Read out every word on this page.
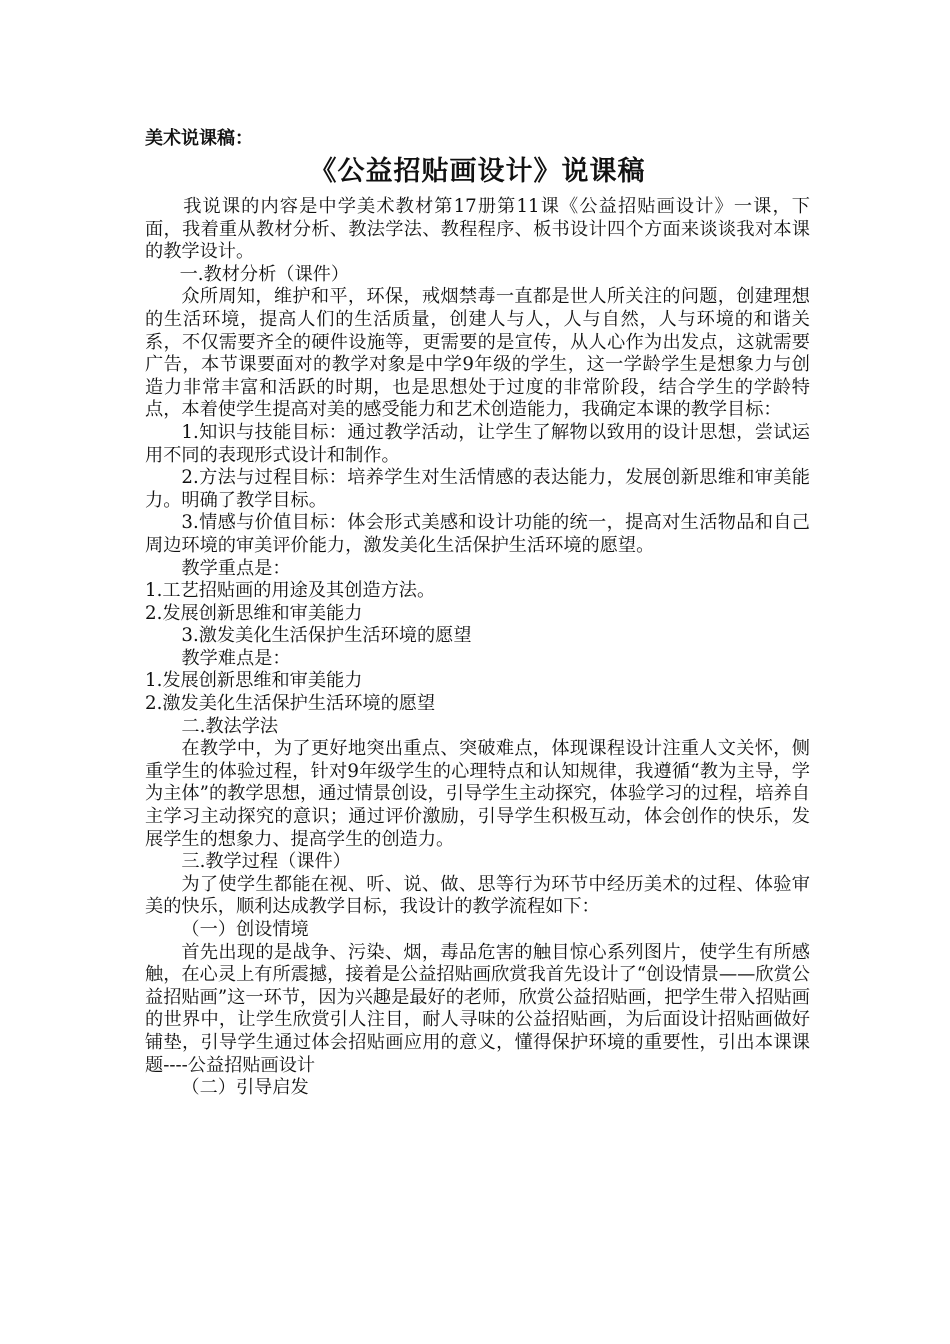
美术说课稿：
《公益招贴画设计》说课稿

我说课的内容是中学美术教材第17册第11课《公益招贴画设计》一课，下面，我着重从教材分析、教法学法、教程程序、板书设计四个方面来谈谈我对本课的教学设计。

一.教材分析（课件）

众所周知，维护和平，环保，戒烟禁毒一直都是世人所关注的问题，创建理想的生活环境，提高人们的生活质量，创建人与人，人与自然，人与环境的和谐关系，不仅需要齐全的硬件设施等，更需要的是宣传，从人心作为出发点，这就需要广告，本节课要面对的教学对象是中学9年级的学生，这一学龄学生是想象力与创造力非常丰富和活跃的时期，也是思想处于过度的非常阶段，结合学生的学龄特点，本着使学生提高对美的感受能力和艺术创造能力，我确定本课的教学目标：

1.知识与技能目标：通过教学活动，让学生了解物以致用的设计思想，尝试运用不同的表现形式设计和制作。

2.方法与过程目标：培养学生对生活情感的表达能力，发展创新思维和审美能力。明确了教学目标。

3.情感与价值目标：体会形式美感和设计功能的统一，提高对生活物品和自己周边环境的审美评价能力，激发美化生活保护生活环境的愿望。

教学重点是：

1.工艺招贴画的用途及其创造方法。

2.发展创新思维和审美能力

3.激发美化生活保护生活环境的愿望

教学难点是：

1.发展创新思维和审美能力

2.激发美化生活保护生活环境的愿望

二.教法学法

在教学中，为了更好地突出重点、突破难点，体现课程设计注重人文关怀，侧重学生的体验过程，针对9年级学生的心理特点和认知规律，我遵循“教为主导，学为主体”的教学思想，通过情景创设，引导学生主动探究，体验学习的过程，培养自主学习主动探究的意识；通过评价激励，引导学生积极互动，体会创作的快乐，发展学生的想象力、提高学生的创造力。

三.教学过程（课件）

为了使学生都能在视、听、说、做、思等行为环节中经历美术的过程、体验审美的快乐，顺利达成教学目标，我设计的教学流程如下：

（一）创设情境

首先出现的是战争、污染、烟，毒品危害的触目惊心系列图片，使学生有所感触，在心灵上有所震撼，接着是公益招贴画欣赏我首先设计了“创设情景——欣赏公益招贴画”这一环节，因为兴趣是最好的老师，欣赏公益招贴画，把学生带入招贴画的世界中，让学生欣赏引人注目，耐人寻味的公益招贴画，为后面设计招贴画做好铺垫，引导学生通过体会招贴画应用的意义，懂得保护环境的重要性，引出本课课题----公益招贴画设计

（二）引导启发
